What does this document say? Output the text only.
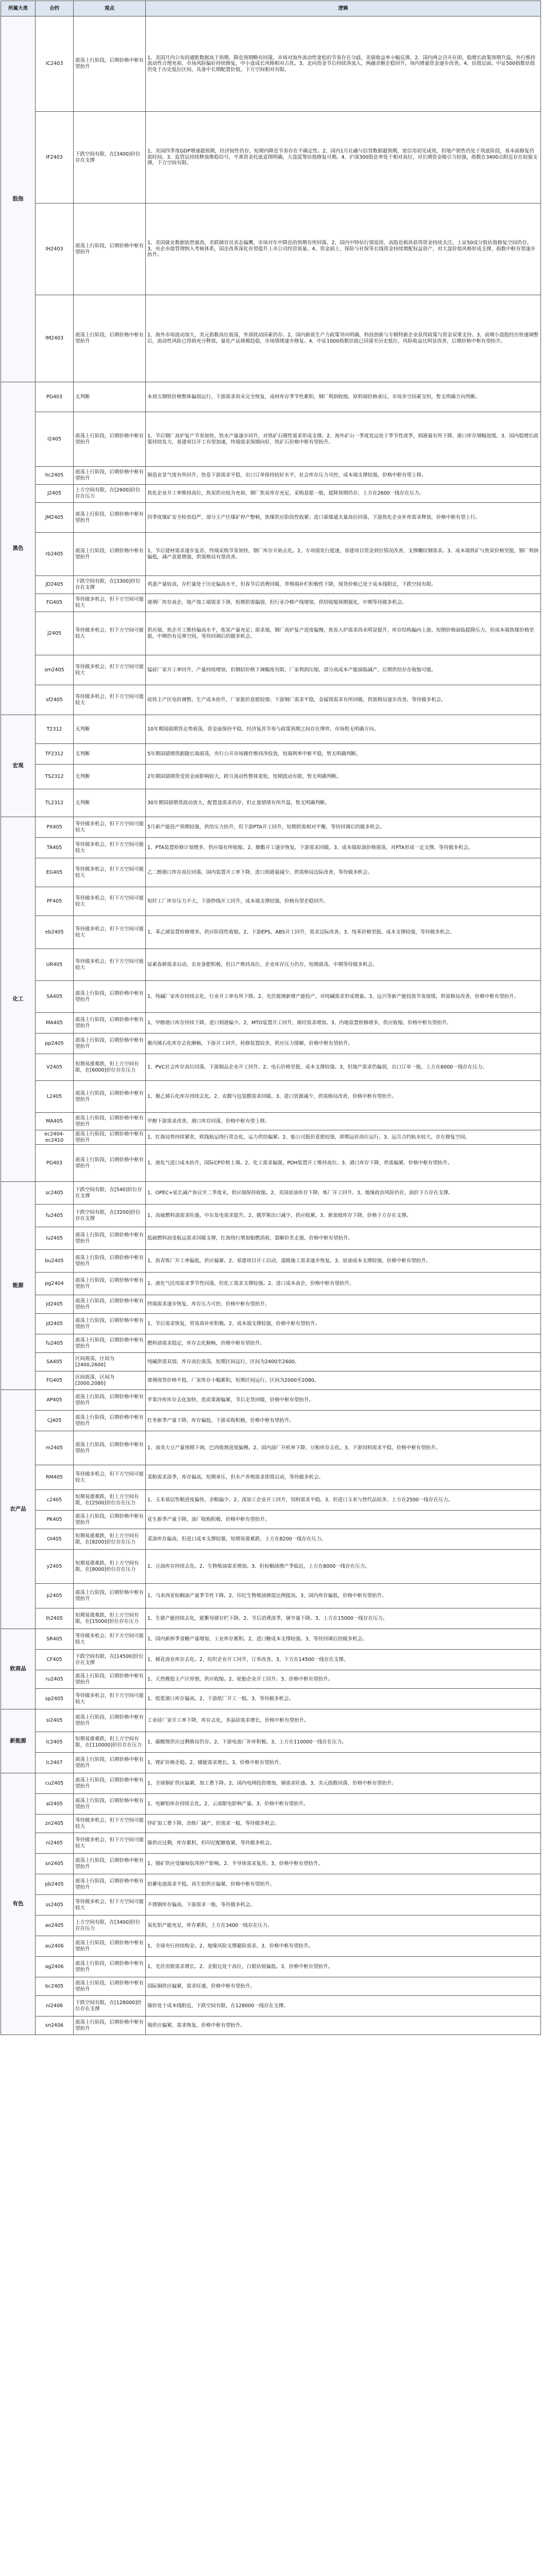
所属大类	合约	观点	逻辑
股指	IC2403	震荡上行阶段，后期价格中枢有望抬升	1、美国月内公布的通胀数据高于预期，降息预期略有回落，市场对海外流动性宽松的节奏存在分歧，美债收益率小幅反弹。2、国内两会召开在即，稳增长政策预期升温，央行维持流动性合理充裕，市场风险偏好持续修复，中小盘成长风格相对占优。3、北向资金节后持续净流入，两融余额企稳回升，场内增量资金逐步改善。4、估值层面，中证500指数估值仍处于历史低位区间，具备中长期配置价值，下方空间相对有限。
	IF2403	下跌空间有限，在[3400]价位存在支撑	1、美国四季度GDP增速超预期，经济韧性仍存，短期内降息节奏存在不确定性。2、国内1月社融与信贷数据超预期，宽信用初见成效，但地产销售仍处于筑底阶段，基本面修复仍需时间。3、监管层持续释放维稳信号，平准资金托底意图明确，大盘蓝筹估值修复可期。4、沪深300股息率处于相对高位，对长期资金吸引力较强，指数在3400点附近存在较强支撑，下方空间有限。
	IH2403	震荡上行阶段，后期价格中枢有望抬升	1、美国就业数据依然强劲，美联储官员表态偏鹰，市场对年中降息的预期有所回落。2、国内中特估行情延续，高股息板块获得资金持续关注，上证50成分股估值修复空间仍存。3、央企市值管理纳入考核体系，国企改革深化有望提升上市公司经营质量。4、资金面上，保险与社保等长线资金持续增配权益资产，对大盘价值风格形成支撑，指数中枢有望逐步抬升。
	IM2403	震荡上行阶段，后期价格中枢有望抬升	1、海外市场波动加大，美元指数高位震荡，外部扰动因素仍存。2、国内新质生产力政策导向明确，科技创新与专精特新企业获得政策与资金双重支持。3、前期小盘股经历快速调整后，流动性风险已得到充分释放，量化产品规模趋稳，市场情绪逐步修复。4、中证1000指数估值已回落至历史低位，风险收益比明显改善，后期价格中枢有望抬升。
黑色	PG403	无判断	本周五钢铁价格整体偏弱运行，下游需求尚未完全恢复，成材库存季节性累积，钢厂利润收缩，原料端价格承压，市场多空因素交织，暂无明确方向判断。
	I2405	震荡上行阶段，后期价格中枢有望抬升	1、节后钢厂高炉复产节奏加快，铁水产量逐步回升，对铁矿石刚性需求形成支撑。2、海外矿山一季度发运处于季节性淡季，到港量有所下降，港口库存增幅放缓。3、国内稳增长政策持续发力，基建项目开工有望加速，终端需求预期向好，铁矿石价格中枢有望抬升。
	hc2405	震荡上行阶段，后期价格中枢有望抬升	制造业景气度有所回升，热卷下游需求平稳，出口订单保持较好水平，社会库存压力可控，成本端支撑较强，价格中枢有望上移。
	J2405	上方空间有限，在[2600]价位存在压力	焦化企业开工率维持高位，焦炭供应较为充裕，钢厂焦炭库存充足，采购意愿一般，提降预期仍存，上方在2600一线存在压力。
	JM2405	震荡上行阶段，后期价格中枢有望抬升	四季度煤矿安全检查趋严，部分主产区煤矿停产整顿，焦煤供应阶段性收紧；进口蒙煤通关量高位回落，下游焦化企业补库需求释放，价格中枢有望上行。
	rb2405	震荡上行阶段，后期价格中枢有望抬升	1、节后建材需求逐步复苏，终端采购节奏加快，钢厂库存开始去化。2、专项债发行提速，基建项目资金到位情况改善，支撑螺纹钢需求。3、成本端铁矿与焦炭价格坚挺，钢厂利润偏低，减产意愿增强，供需格局有望改善。
	JD2405	下跌空间有限，在[3300]价位存在支撑	鸡蛋产量较高，存栏量处于历史偏高水平，但春节后消费回暖，养殖端补栏积极性下降，现货价格已处于成本线附近，下跌空间有限。
	FG405	等待做多机会，但下方空间可能较大	玻璃厂库存高企，地产竣工端需求下滑，短期供需偏弱，但行业冷修产线增加，供给收缩预期强化，中期等待做多机会。
	J2405	等待做多机会，但下方空间可能较大	供应端，焦企开工维持偏高水平，焦炭产量充足；需求端，钢厂高炉复产进度偏慢，焦炭入炉需求尚未明显提升，库存结构偏向上游。短期价格面临提降压力，但成本端焦煤价格坚挺，中期仍有反弹空间，等待回调后的做多机会。
	sm2405	等待做多机会，但下方空间可能较大	锰硅厂家开工率回升，产量持续增加，但钢招价格下调幅度有限，厂家利润压缩，部分高成本产能面临减产，后期供给存在收缩可能。
	sf2405	等待做多机会，但下方空间可能较大	硅铁主产区电价调整，生产成本抬升，厂家挺价意愿较强；下游钢厂需求平稳，金属镁需求有所回暖，供需格局逐步改善，等待做多机会。
宏观	T2312	无判断	10年期国债期货走势震荡，资金面保持平稳，经济复苏节奏与政策预期之间存在博弈，市场暂无明确方向。
	TF2312	无判断	5年期国债期货跟随长端震荡，央行公开市场操作维持净投放，短端利率中枢平稳，暂无明确判断。
	TS2312	无判断	2年期国债期货受资金面影响较大，跨月流动性整体宽松，短期波动有限，暂无明确判断。
	TL2312	无判断	30年期国债期货波动放大，配置盘需求仍存，但止盈情绪有所升温，暂无明确判断。
化工	PX405	等待做多机会，但下方空间可能较大	5月新产能投产预期较强，供给压力抬升，但下游PTA开工回升，短期供需相对平衡，等待回调后的做多机会。
	TA405	等待做多机会，但下方空间可能较大	1、PTA装置检修计划增多，供应端有所收缩。2、聚酯开工逐步恢复，下游需求回暖。3、成本端原油价格震荡，对PTA形成一定支撑，等待做多机会。
	EG405	等待做多机会，但下方空间可能较大	乙二醇港口库存高位回落，国内装置开工率下降，进口到港量减少，供需格局边际改善，等待做多机会。
	PF405	等待做多机会，但下方空间可能较大	短纤工厂库存压力不大，下游纱线开工回升，成本端支撑较强，价格有望企稳回升。
	eb2405	等待做多机会，但下方空间可能较大	1、苯乙烯装置检修增多，供应阶段性收缩。2、下游EPS、ABS开工回升，需求边际改善。3、纯苯价格坚挺，成本支撑较强，等待做多机会。
	UR405	等待做多机会，但下方空间可能较大	尿素春耕需求启动，农业备肥积极，但日产维持高位，企业库存压力仍存，短期震荡，中期等待做多机会。
	SA405	震荡上行阶段，后期价格中枢有望抬升	1、纯碱厂家库存持续去化，行业开工率有所下降。2、光伏玻璃新增产能投产，对纯碱需求形成增量。3、远兴等新产能投放节奏放缓，供需格局改善，价格中枢有望抬升。
	MA405	震荡上行阶段，后期价格中枢有望抬升	1、甲醇港口库存持续下降，进口到港偏少。2、MTO装置开工回升，烯烃需求增加。3、内地装置检修增多，供应收缩，价格中枢有望抬升。
	pp2405	震荡上行阶段，后期价格中枢有望抬升	聚丙烯石化库存去化顺畅，下游开工回升，检修装置较多，供应压力缓解，价格中枢有望抬升。
	V2405	短期易涨难跌，但上方空间有限，在[6000]价位存在压力	1、PVC社会库存高位回落，下游制品企业开工回升。2、电石价格坚挺，成本支撑较强。3、但地产需求仍偏弱，出口订单一般，上方在6000一线存在压力。
	L2405	震荡上行阶段，后期价格中枢有望抬升	1、聚乙烯石化库存持续去化。2、农膜与包装膜需求回暖。3、进口资源减少，供需格局改善，价格中枢有望抬升。
	MA405	震荡上行阶段，后期价格中枢有望抬升	甲醇下游需求改善，港口库存回落，价格中枢有望上移。
	ec2404-ec2410	震荡上行阶段，后期价格中枢有望抬升	1、红海局势持续紧张，欧线航运绕行常态化，运力供给偏紧。2、船公司挺价意愿较强，即期运价高位运行。3、远月合约贴水较大，存在修复空间。
	PG403	震荡上行阶段，后期价格中枢有望抬升	1、液化气进口成本抬升，国际CP价格上调。2、化工需求偏强，PDH装置开工维持高位。3、港口库存下降，供需偏紧，价格中枢有望抬升。
能源	sc2405	下跌空间有限，在[540]价位存在支撑	1、OPEC+延长减产协议至二季度末，供应端保持收缩。2、美国原油库存下降，炼厂开工回升。3、地缘政治风险仍存，油价下方存在支撑。
	fu2405	下跌空间有限，在[3200]价位存在支撑	1、高硫燃料油需求旺盛，中东发电需求提升。2、俄罗斯出口减少，供应收紧。3、新加坡库存下降，价格下方存在支撑。
	lu2405	震荡上行阶段，后期价格中枢有望抬升	低硫燃料油受航运需求回暖支撑，红海绕行增加船燃消耗，裂解价差走强，价格中枢有望抬升。
	bu2405	震荡上行阶段，后期价格中枢有望抬升	1、沥青炼厂开工率偏低，供应偏紧。2、基建项目开工启动，道路施工需求逐步恢复。3、原油成本支撑较强，价格中枢有望抬升。
	pg2404	震荡上行阶段，后期价格中枢有望抬升	1、液化气民用需求季节性回落，但化工需求支撑较强。2、进口成本高企，价格中枢有望抬升。
	jd2405	震荡上行阶段，后期价格中枢有望抬升	终端需求逐步恢复，库存压力可控，价格中枢有望抬升。
	jd2405	震荡上行阶段，后期价格中枢有望抬升	1、节后需求恢复，贸易商补库积极。2、成本端支撑较强，价格中枢有望抬升。
	fu2405	震荡上行阶段，后期价格中枢有望抬升	燃料油需求稳定，库存去化顺畅，价格中枢有望抬升。
	SA405	区间震荡，区间为[2400,2600]	纯碱供需双弱，库存高位震荡，短期区间运行，区间为2400至2600。
	FG405	区间震荡，区间为[2000,2080]	玻璃现货价格平稳，厂家库存小幅累积，短期区间运行，区间为2000至2080。
农产品	AP405	震荡上行阶段，后期价格中枢有望抬升	苹果冷库库存去化加快，优质果源偏紧，节后走货回暖，价格中枢有望抬升。
	CJ405	震荡上行阶段，后期价格中枢有望抬升	红枣新季产量下降，库存偏低，下游采购积极，价格中枢有望抬升。
	m2405	震荡上行阶段，后期价格中枢有望抬升	1、南美大豆产量预期下调，巴西收割进度偏慢。2、国内油厂开机率下降，豆粕库存去化。3、下游饲料需求平稳，价格中枢有望抬升。
	RM405	等待做多机会，但下方空间可能较大	菜粕需求淡季，库存偏高，短期承压，但水产养殖需求即将启动，等待做多机会。
	c2405	短期易涨难跌，但上方空间有限，在[2500]价位存在压力	1、玉米基层售粮进度偏快，余粮偏少。2、深加工企业开工回升，饲料需求平稳。3、但进口玉米与替代品较多，上方在2500一线存在压力。
	PK405	震荡上行阶段，后期价格中枢有望抬升	花生新季产量下降，油厂收购积极，价格中枢有望抬升。
	OI405	短期易涨难跌，但上方空间有限，在[8200]价位存在压力	菜油库存偏高，但进口成本支撑较强，短期易涨难跌，上方在8200一线存在压力。
	y2405	短期易涨难跌，但上方空间有限，在[8000]价位存在压力	1、豆油库存持续去化。2、生物柴油需求增加。3、但棕榈油增产季临近，上方在8000一线存在压力。
	p2405	震荡上行阶段，后期价格中枢有望抬升	1、马来西亚棕榈油产量季节性下降。2、印尼生物柴油掺混比例提高。3、国内库存偏低，价格中枢有望抬升。
	lh2405	短期易涨难跌，但上方空间有限，在[15000]价位存在压力	1、生猪产能持续去化，能繁母猪存栏下降。2、节后消费淡季，屠宰量下降。3、上方在15000一线存在压力。
软商品	SR405	等待做多机会，但下方空间可能较大	1、国内新榨季食糖产量增加，工业库存累积。2、进口糖成本支撑较强。3、等待回调后的做多机会。
	CF405	下跌空间有限，在[14500]价位存在支撑	1、棉花商业库存去化。2、纺织企业开工回升，订单改善。3、下方在14500一线存在支撑。
	ru2405	震荡上行阶段，后期价格中枢有望抬升	1、天然橡胶主产区停割，供应收缩。2、轮胎企业开工回升。3、价格中枢有望抬升。
	sp2405	等待做多机会，但下方空间可能较大	1、纸浆港口库存偏高。2、下游纸厂开工一般。3、等待做多机会。
新能源	si2405	震荡上行阶段，后期价格中枢有望抬升	工业硅厂家开工率下降，库存去化，多晶硅需求增长，价格中枢有望抬升。
	lc2405	短期易涨难跌，但上方空间有限，在[110000]价位存在压力	1、碳酸锂供应过剩格局仍存。2、下游电池厂补库积极。3、上方在110000一线存在压力。
	lc2407	震荡上行阶段，后期价格中枢有望抬升	1、锂矿价格企稳。2、储能需求增长。3、价格中枢有望抬升。
有色	cu2405	震荡上行阶段，后期价格中枢有望抬升	1、全球铜矿供应偏紧，加工费下降。2、国内电网投资增加，铜需求旺盛。3、美元指数回落，价格中枢有望抬升。
	al2405	震荡上行阶段，后期价格中枢有望抬升	1、电解铝库存持续去化。2、云南限电影响产量。3、价格中枢有望抬升。
	zn2405	等待做多机会，但下方空间可能较大	锌矿加工费下降，冶炼厂减产，但需求一般，等待做多机会。
	ni2405	等待做多机会，但下方空间可能较大	镍供应过剩，库存累积，但印尼配额收紧，等待做多机会。
	sn2405	震荡上行阶段，后期价格中枢有望抬升	1、锡矿供应受缅甸佤邦停产影响。2、半导体需求复苏。3、价格中枢有望抬升。
	pb2405	震荡上行阶段，后期价格中枢有望抬升	铅蓄电池需求平稳，再生铅供应偏紧，价格中枢有望抬升。
	ss2405	等待做多机会，但下方空间可能较大	不锈钢库存偏高，下游需求一般，等待做多机会。
	ao2405	上方空间有限，在[3400]价位存在压力	氧化铝产能充足，库存累积，上方在3400一线存在压力。
	au2406	震荡上行阶段，后期价格中枢有望抬升	1、全球央行持续购金。2、地缘风险支撑避险需求。3、价格中枢有望抬升。
	ag2406	震荡上行阶段，后期价格中枢有望抬升	1、光伏用银需求增长。2、金银比处于高位，白银估值偏低。3、价格中枢有望抬升。
	bc2405	震荡上行阶段，后期价格中枢有望抬升	国际铜供应偏紧，需求旺盛，价格中枢有望抬升。
	ni2406	下跌空间有限，在[128000]价位存在支撑	镍价处于成本线附近，下跌空间有限，在128000一线存在支撑。
	sn2406	震荡上行阶段，后期价格中枢有望抬升	锡供应偏紧，需求恢复，价格中枢有望抬升。
